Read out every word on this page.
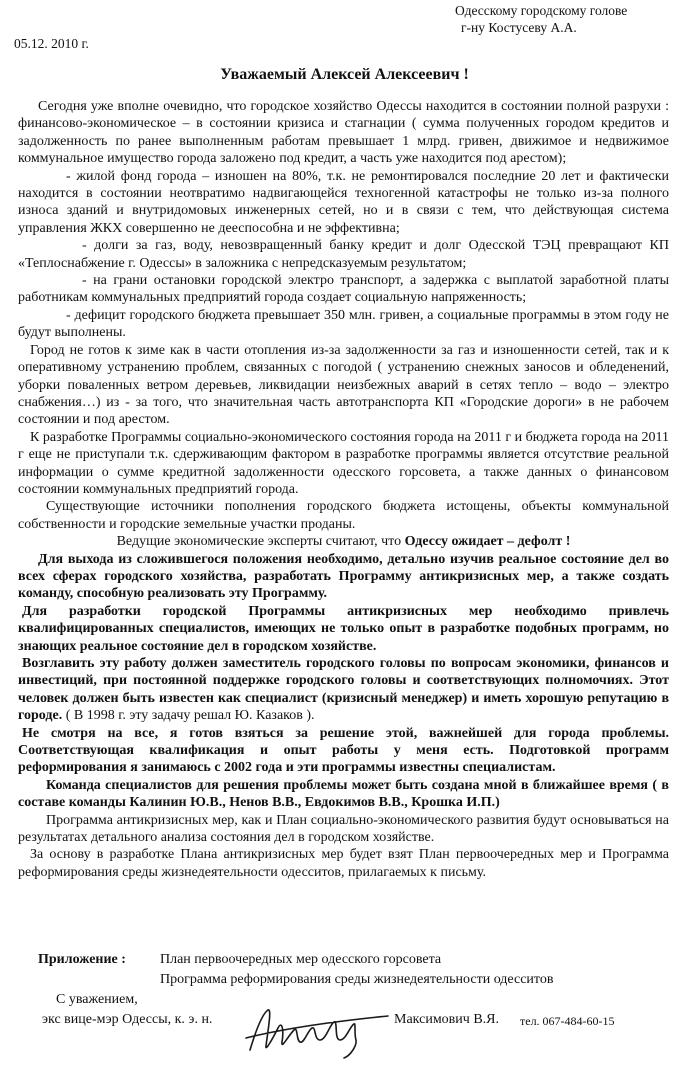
Одесскому городскому голове
г-ну Костусеву А.А.
05.12. 2010 г.
Уважаемый Алексей Алексеевич !

Сегодня уже вполне очевидно, что городское хозяйство Одессы находится в состоянии полной разрухи : финансово-экономическое – в состоянии кризиса и стагнации ( сумма полученных городом кредитов и задолженность по ранее выполненным работам превышает 1 млрд. гривен, движимое и недвижимое коммунальное имущество города заложено под кредит, а часть уже находится под арестом);

- жилой фонд города – изношен на 80%, т.к. не ремонтировался последние 20 лет и фактически находится в состоянии неотвратимо надвигающейся техногенной катастрофы не только из-за полного износа зданий и внутридомовых инженерных сетей, но и в связи с тем, что действующая система управления ЖКХ совершенно не дееспособна и не эффективна;

- долги за газ, воду, невозвращенный банку кредит и долг Одесской ТЭЦ превращают КП «Теплоснабжение г. Одессы» в заложника с непредсказуемым результатом;

- на грани остановки городской электро транспорт, а задержка с выплатой заработной платы работникам коммунальных предприятий города создает социальную напряженность;

- дефицит городского бюджета превышает 350 млн. гривен, а социальные программы в этом году не будут выполнены.

Город не готов к зиме как в части отопления из-за задолженности за газ и изношенности сетей, так и к оперативному устранению проблем, связанных с погодой ( устранению снежных заносов и обледенений, уборки поваленных ветром деревьев, ликвидации неизбежных аварий в сетях тепло – водо – электро снабжения…) из - за того, что значительная часть автотранспорта КП «Городские дороги» в не рабочем состоянии и под арестом.

К разработке Программы социально-экономического состояния города на 2011 г и бюджета города на 2011 г еще не приступали т.к. сдерживающим фактором в разработке программы является отсутствие реальной информации о сумме кредитной задолженности одесского горсовета, а также данных о финансовом состоянии коммунальных предприятий города.

Существующие источники пополнения городского бюджета истощены, объекты коммунальной собственности и городские земельные участки проданы.

Ведущие экономические эксперты считают, что Одессу ожидает – дефолт !

Для выхода из сложившегося положения необходимо, детально изучив реальное состояние дел во всех сферах городского хозяйства, разработать Программу антикризисных мер, а также создать команду, способную реализовать эту Программу.

Для разработки городской Программы антикризисных мер необходимо привлечь квалифицированных специалистов, имеющих не только опыт в разработке подобных программ, но знающих реальное состояние дел в городском хозяйстве.

Возглавить эту работу должен заместитель городского головы по вопросам экономики, финансов и инвестиций, при постоянной поддержке городского головы и соответствующих полномочиях. Этот человек должен быть известен как специалист (кризисный менеджер) и иметь хорошую репутацию в городе. ( В 1998 г. эту задачу решал Ю. Казаков ).

Не смотря на все, я готов взяться за решение этой, важнейшей для города проблемы. Соответствующая квалификация и опыт работы у меня есть. Подготовкой программ реформирования я занимаюсь с 2002 года и эти программы известны специалистам.

Команда специалистов для решения проблемы может быть создана мной в ближайшее время ( в составе команды Калинин Ю.В., Ненов В.В., Евдокимов В.В., Крошка И.П.)

Программа антикризисных мер, как и План социально-экономического развития будут основываться на результатах детального анализа состояния дел в городском хозяйстве.

За основу в разработке Плана антикризисных мер будет взят План первоочередных мер и Программа реформирования среды жизнедеятельности одесситов, прилагаемых к письму.

Приложение : План первоочередных мер одесского горсовета
Программа реформирования среды жизнедеятельности одесситов
С уважением,
экс вице-мэр Одессы, к. э. н.	Максимович В.Я. тел. 067-484-60-15
